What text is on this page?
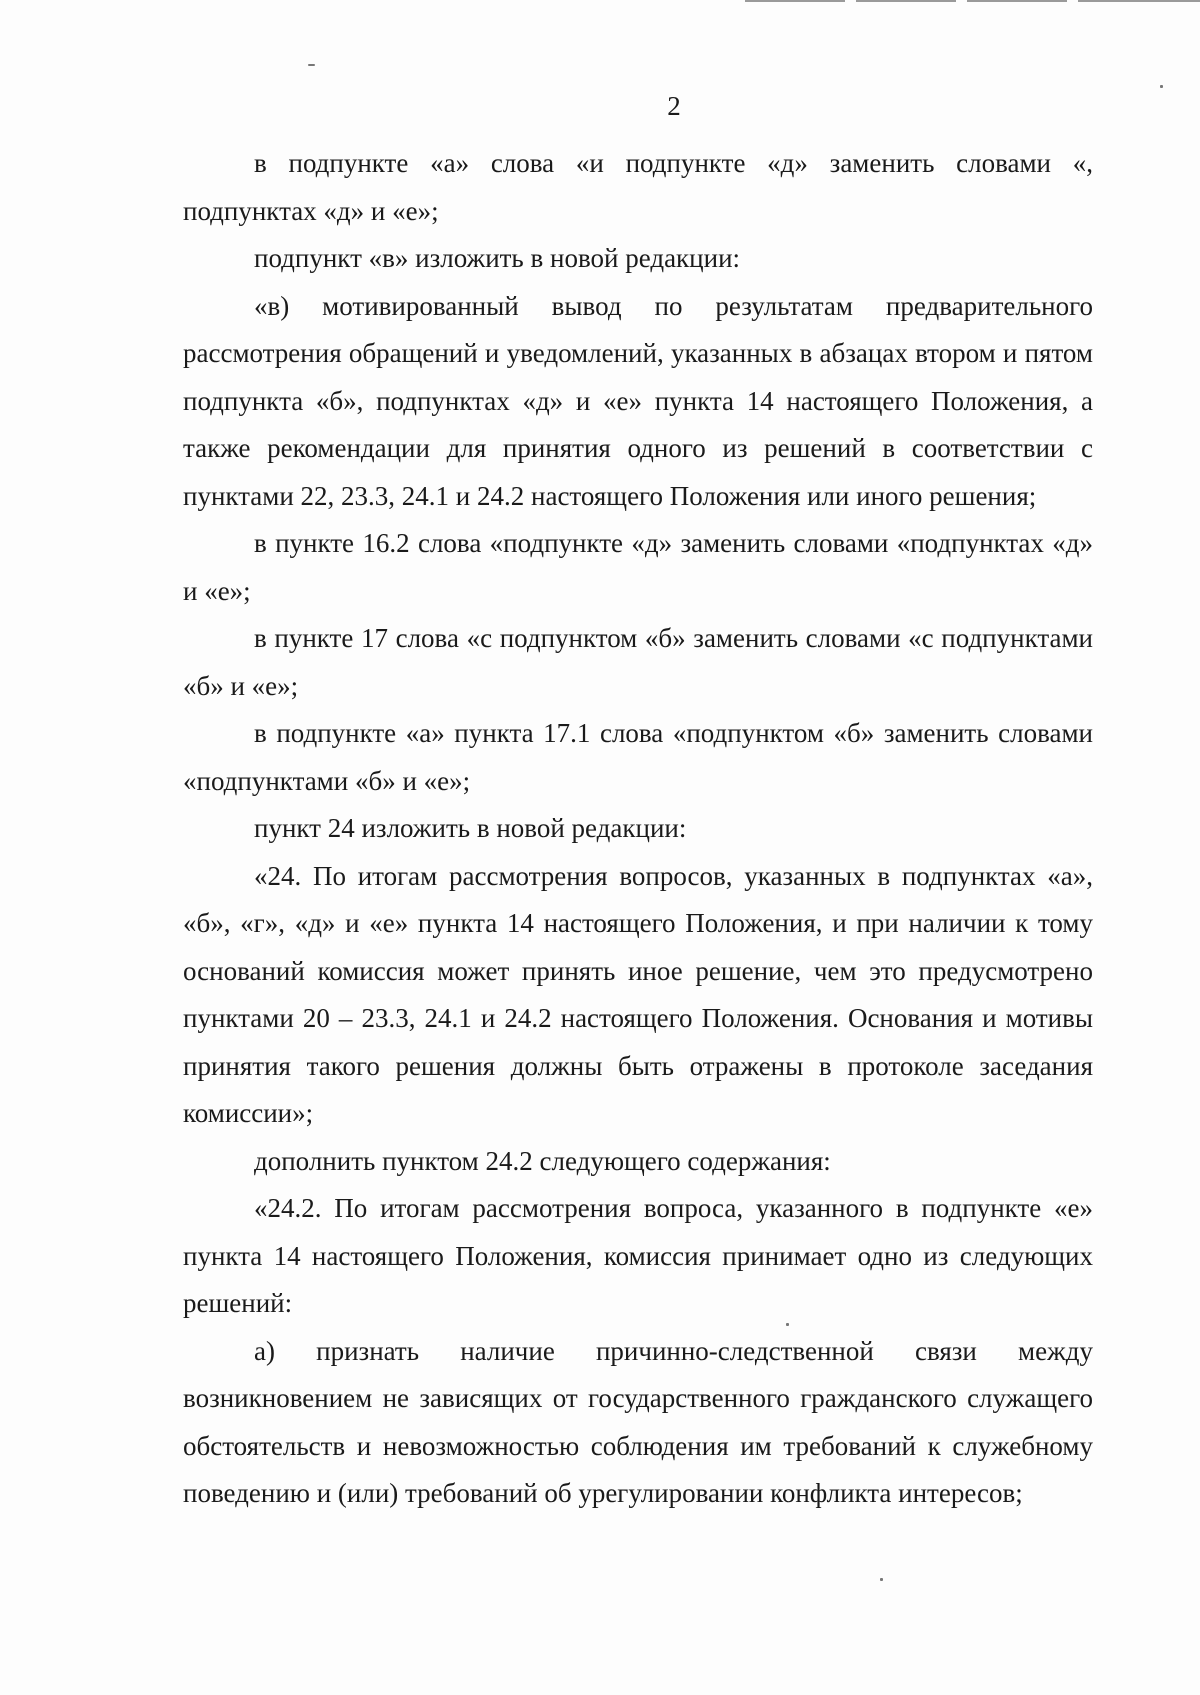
2

в подпункте «а» слова «и подпункте «д» заменить словами «, подпунктах «д» и «е»;

подпункт «в» изложить в новой редакции:

«в) мотивированный вывод по результатам предварительного рассмотрения обращений и уведомлений, указанных в абзацах втором и пятом подпункта «б», подпунктах «д» и «е» пункта 14 настоящего Положения, а также рекомендации для принятия одного из решений в соответствии с пунктами 22, 23.3, 24.1 и 24.2 настоящего Положения или иного решения;

в пункте 16.2 слова «подпункте «д» заменить словами «подпунктах «д» и «е»;

в пункте 17 слова «с подпунктом «б» заменить словами «с подпунктами «б» и «е»;

в подпункте «а» пункта 17.1 слова «подпунктом «б» заменить словами «подпунктами «б» и «е»;

пункт 24 изложить в новой редакции:

«24. По итогам рассмотрения вопросов, указанных в подпунктах «а», «б», «г», «д» и «е» пункта 14 настоящего Положения, и при наличии к тому оснований комиссия может принять иное решение, чем это предусмотрено пунктами 20 – 23.3, 24.1 и 24.2 настоящего Положения. Основания и мотивы принятия такого решения должны быть отражены в протоколе заседания комиссии»;

дополнить пунктом 24.2 следующего содержания:

«24.2. По итогам рассмотрения вопроса, указанного в подпункте «е» пункта 14 настоящего Положения, комиссия принимает одно из следующих решений:

а) признать наличие причинно-следственной связи между возникновением не зависящих от государственного гражданского служащего обстоятельств и невозможностью соблюдения им требований к служебному поведению и (или) требований об урегулировании конфликта интересов;
